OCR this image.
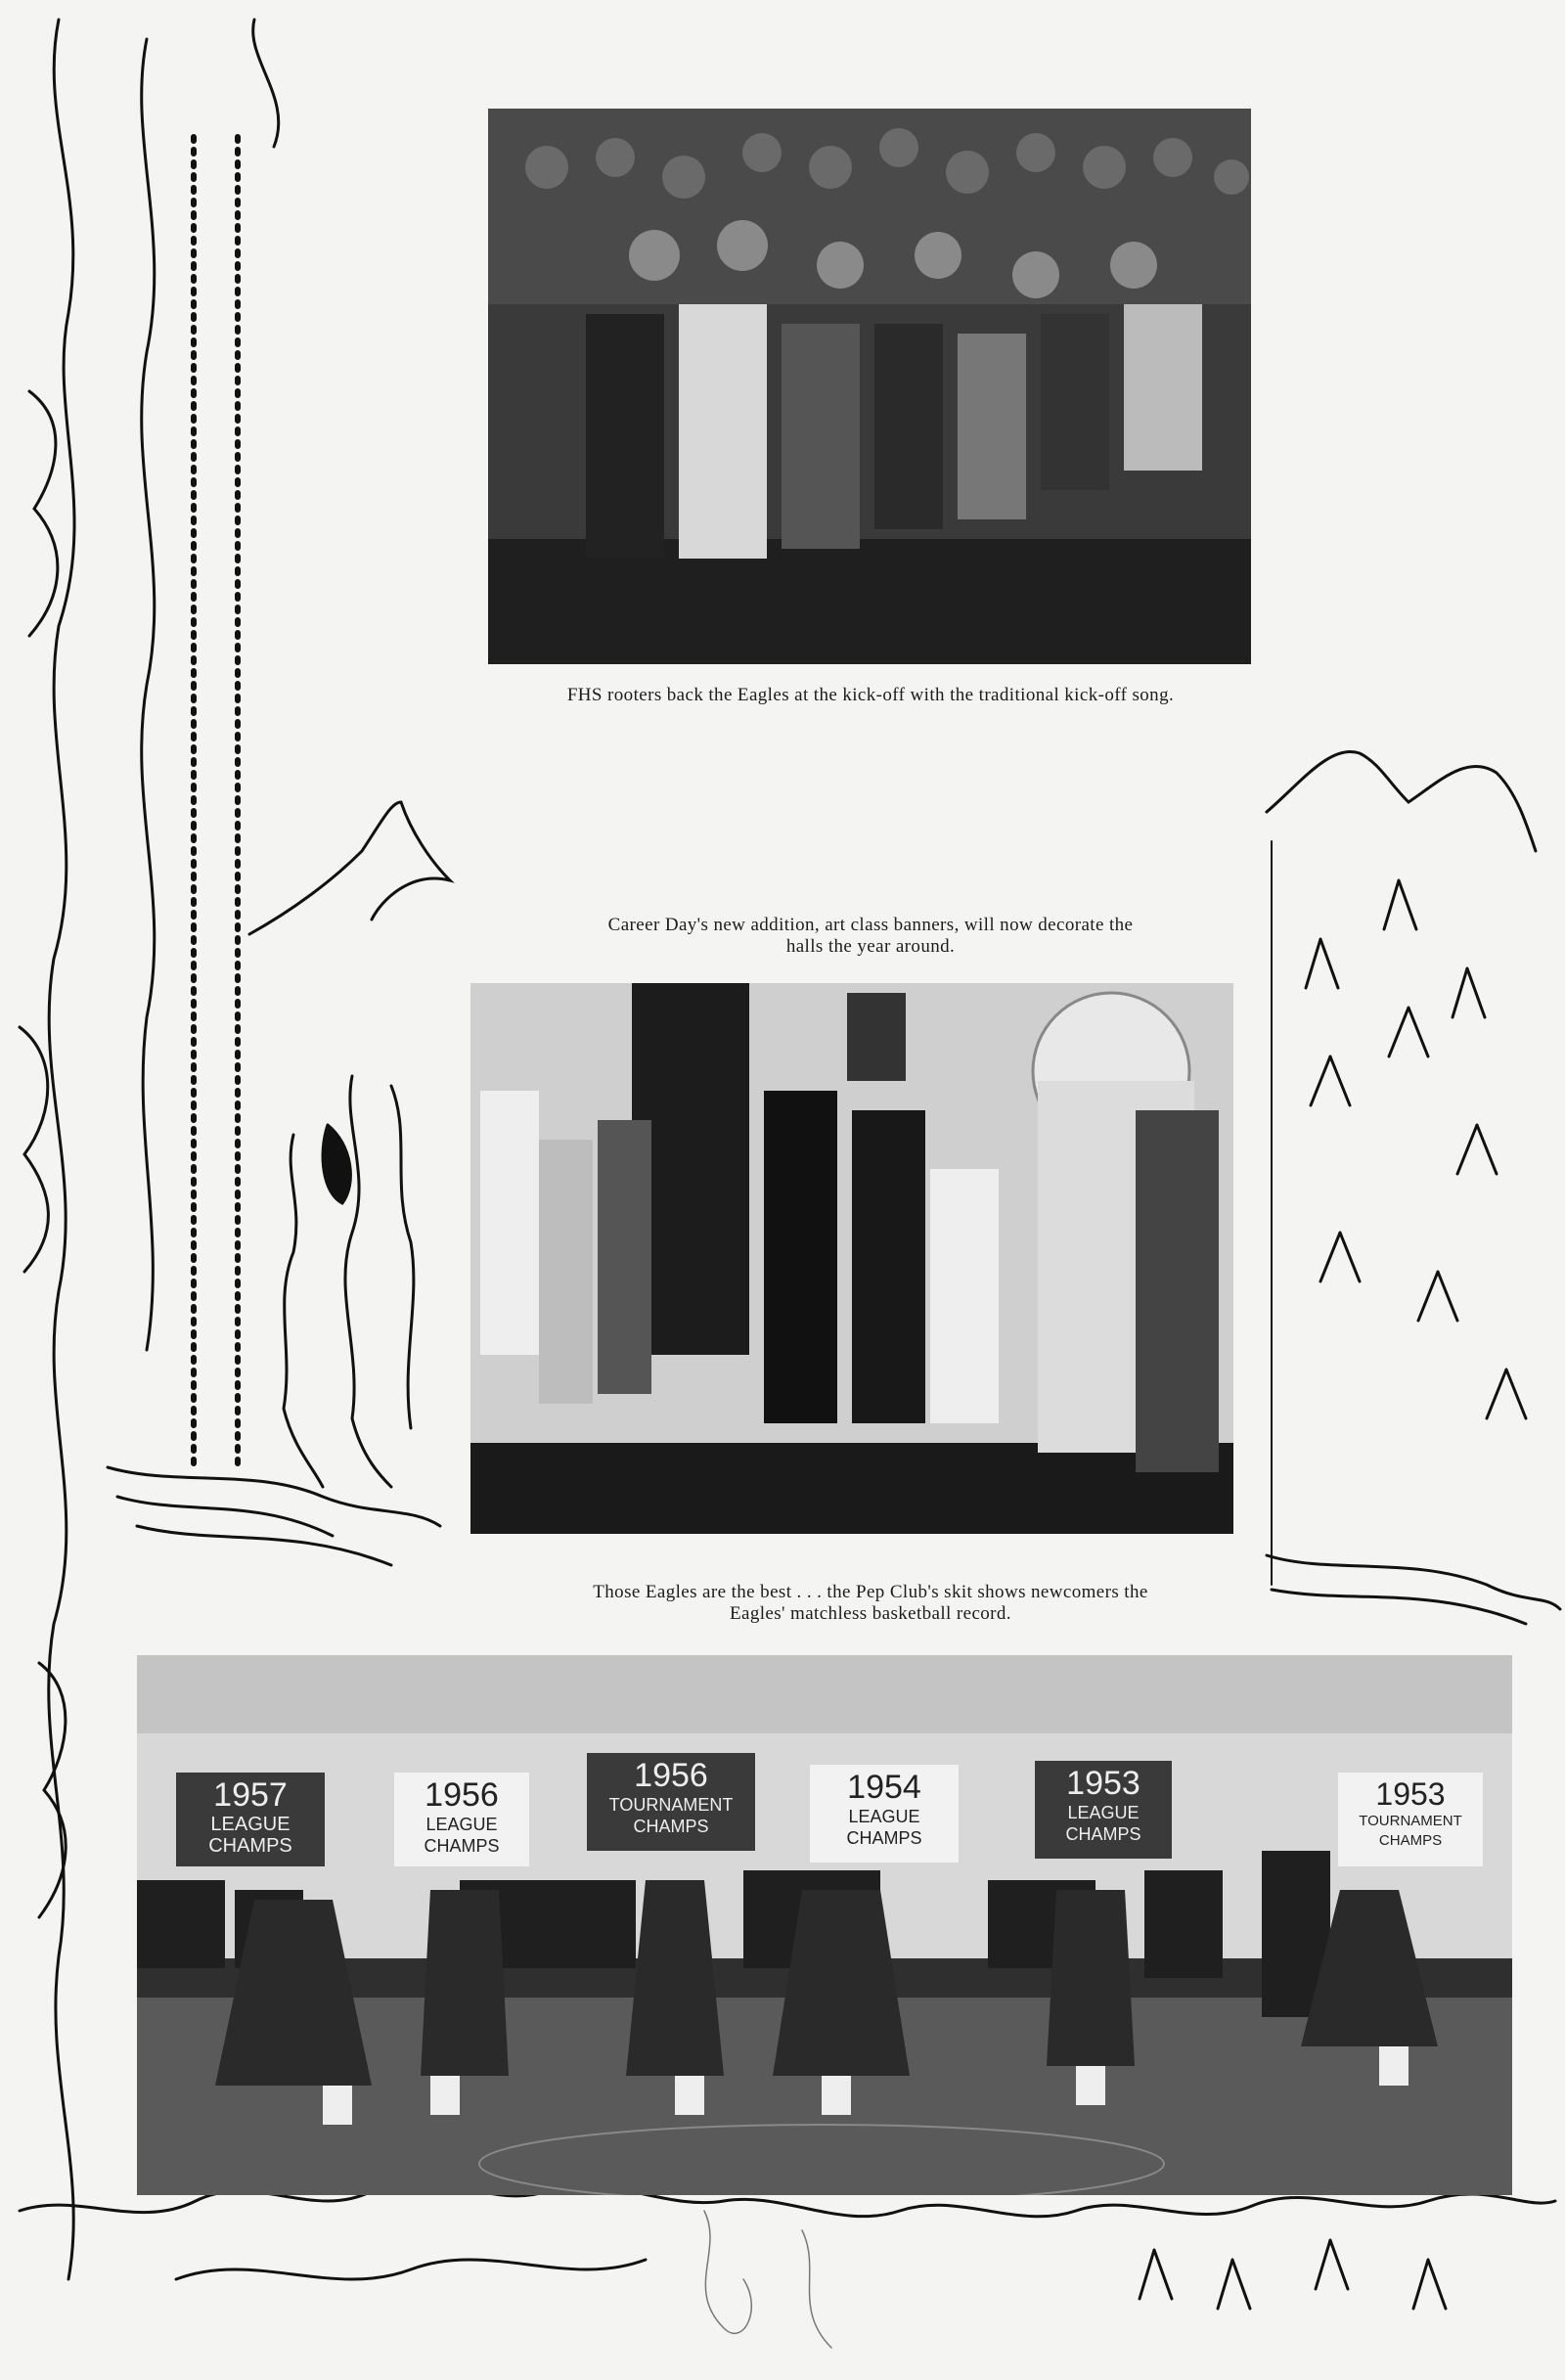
FHS rooters back the Eagles at the kick-off with the traditional kick-off song.
Career Day's new addition, art class banners, will now decorate the
halls the year around.
Those Eagles are the best . . . the Pep Club's skit shows newcomers the
Eagles' matchless basketball record.
1957
LEAGUE
CHAMPS
1956
LEAGUE
CHAMPS
1956
TOURNAMENT
CHAMPS
1954
LEAGUE
CHAMPS
1953
LEAGUE
CHAMPS
1953
TOURNAMENT
CHAMPS
